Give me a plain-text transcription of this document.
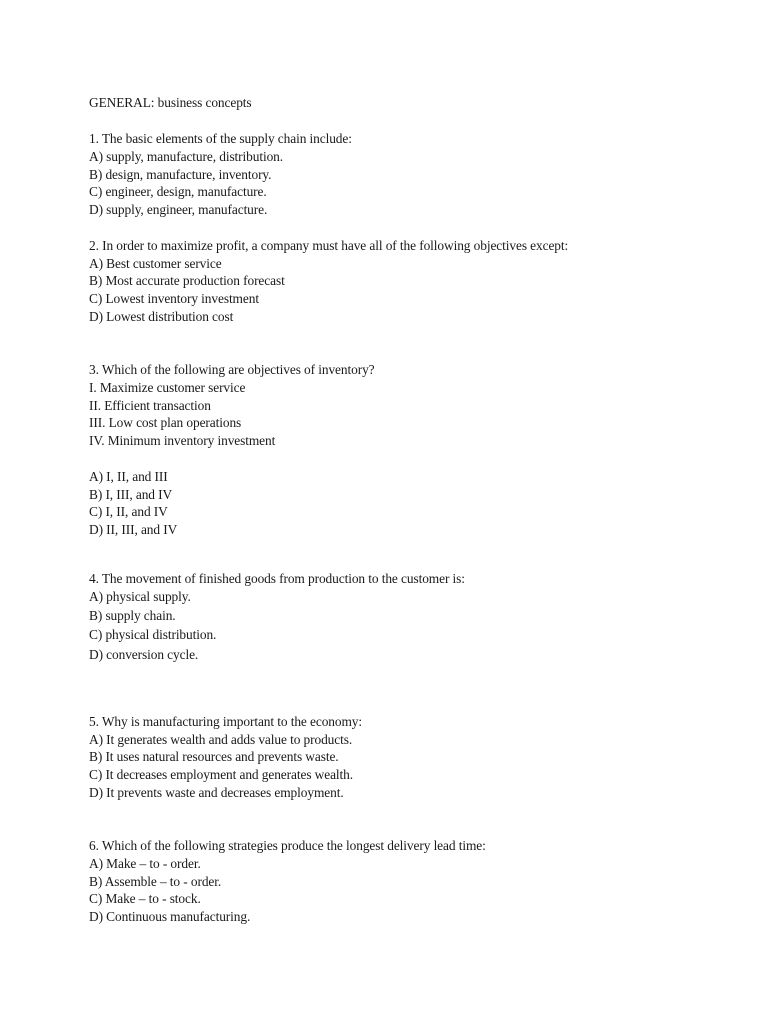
GENERAL: business concepts
1. The basic elements of the supply chain include:
A) supply, manufacture, distribution.
B) design, manufacture, inventory.
C) engineer, design, manufacture.
D) supply, engineer, manufacture.
2. In order to maximize profit, a company must have all of the following objectives except:
A) Best customer service
B) Most accurate production forecast
C) Lowest inventory investment
D) Lowest distribution cost
3. Which of the following are objectives of inventory?
I. Maximize customer service
II. Efficient transaction
III. Low cost plan operations
IV. Minimum inventory investment
A) I, II, and III
B) I, III, and IV
C) I, II, and IV
D) II, III, and IV
4. The movement of finished goods from production to the customer is:
A) physical supply.
B) supply chain.
C) physical distribution.
D) conversion cycle.
5. Why is manufacturing important to the economy:
A) It generates wealth and adds value to products.
B) It uses natural resources and prevents waste.
C) It decreases employment and generates wealth.
D) It prevents waste and decreases employment.
6. Which of the following strategies produce the longest delivery lead time:
A) Make – to - order.
B) Assemble – to - order.
C) Make – to - stock.
D) Continuous manufacturing.
